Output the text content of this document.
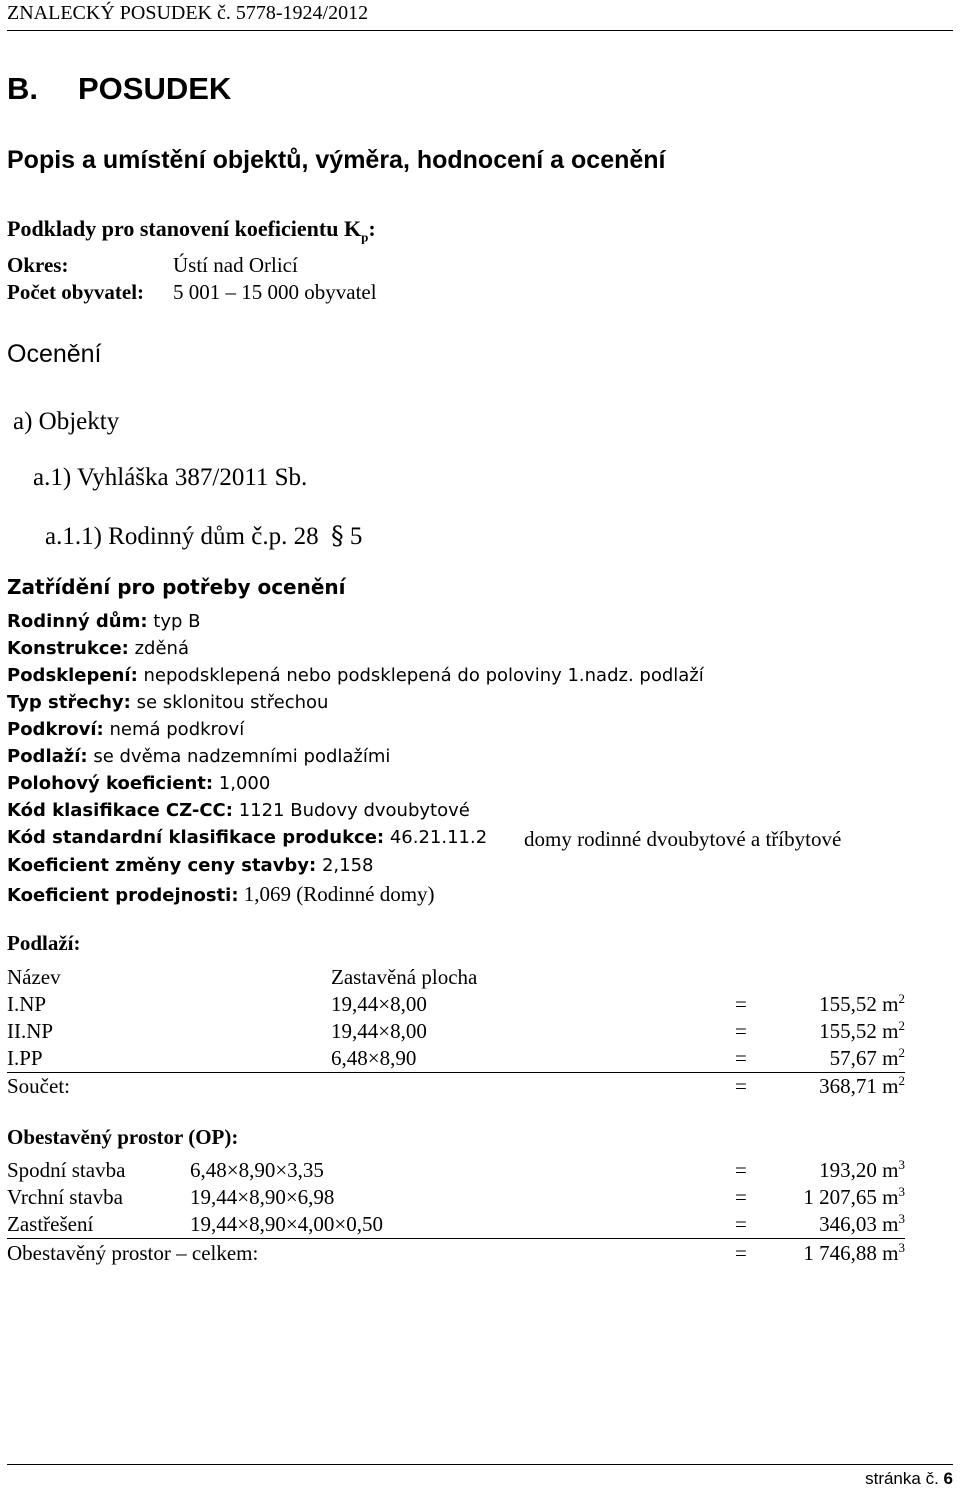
ZNALECKÝ POSUDEK č. 5778-1924/2012
B. POSUDEK
Popis a umístění objektů, výměra, hodnocení a ocenění
Podklady pro stanovení koeficientu $K_p$:
Okres:	Ústí nad Orlicí
Počet obyvatel: 5 001 – 15 000 obyvatel
Ocenění
a) Objekty
a.1) Vyhláška 387/2011 Sb.
a.1.1) Rodinný dům č.p. 28 § 5
Zatřídění pro potřeby ocenění
Rodinný dům: typ B
Konstrukce: zděná
Podsklepení: nepodsklepená nebo podsklepená do poloviny 1.nadz. podlaží
Typ střechy: se sklonitou střechou
Podkroví: nemá podkroví
Podlaží: se dvěma nadzemními podlažími
Polohový koeficient: 1,000
Kód klasifikace CZ-CC: 1121 Budovy dvoubytové
Kód standardní klasifikace produkce: 46.21.11.2 domy rodinné dvoubytové a tříbytové
Koeficient změny ceny stavby: 2,158
Koeficient prodejnosti: 1,069 (Rodinné domy)
Podlaží:
Název	Zastavěná plocha
I.NP	19,44×8,00	=	155,52 $m^2$
II.NP	19,44×8,00	=	155,52 $m^2$
I.PP	6,48×8,90	=	57,67 $m^2$
Součet:	=	368,71 $m^2$
Obestavěný prostor (OP):
Spodní stavba	6,48×8,90×3,35	=	193,20 $m^3$
Vrchní stavba	19,44×8,90×6,98	=	1 207,65 $m^3$
Zastřešení	19,44×8,90×4,00×0,50	=	346,03 $m^3$
Obestavěný prostor – celkem:	=	1 746,88 $m^3$
stránka č. 6
